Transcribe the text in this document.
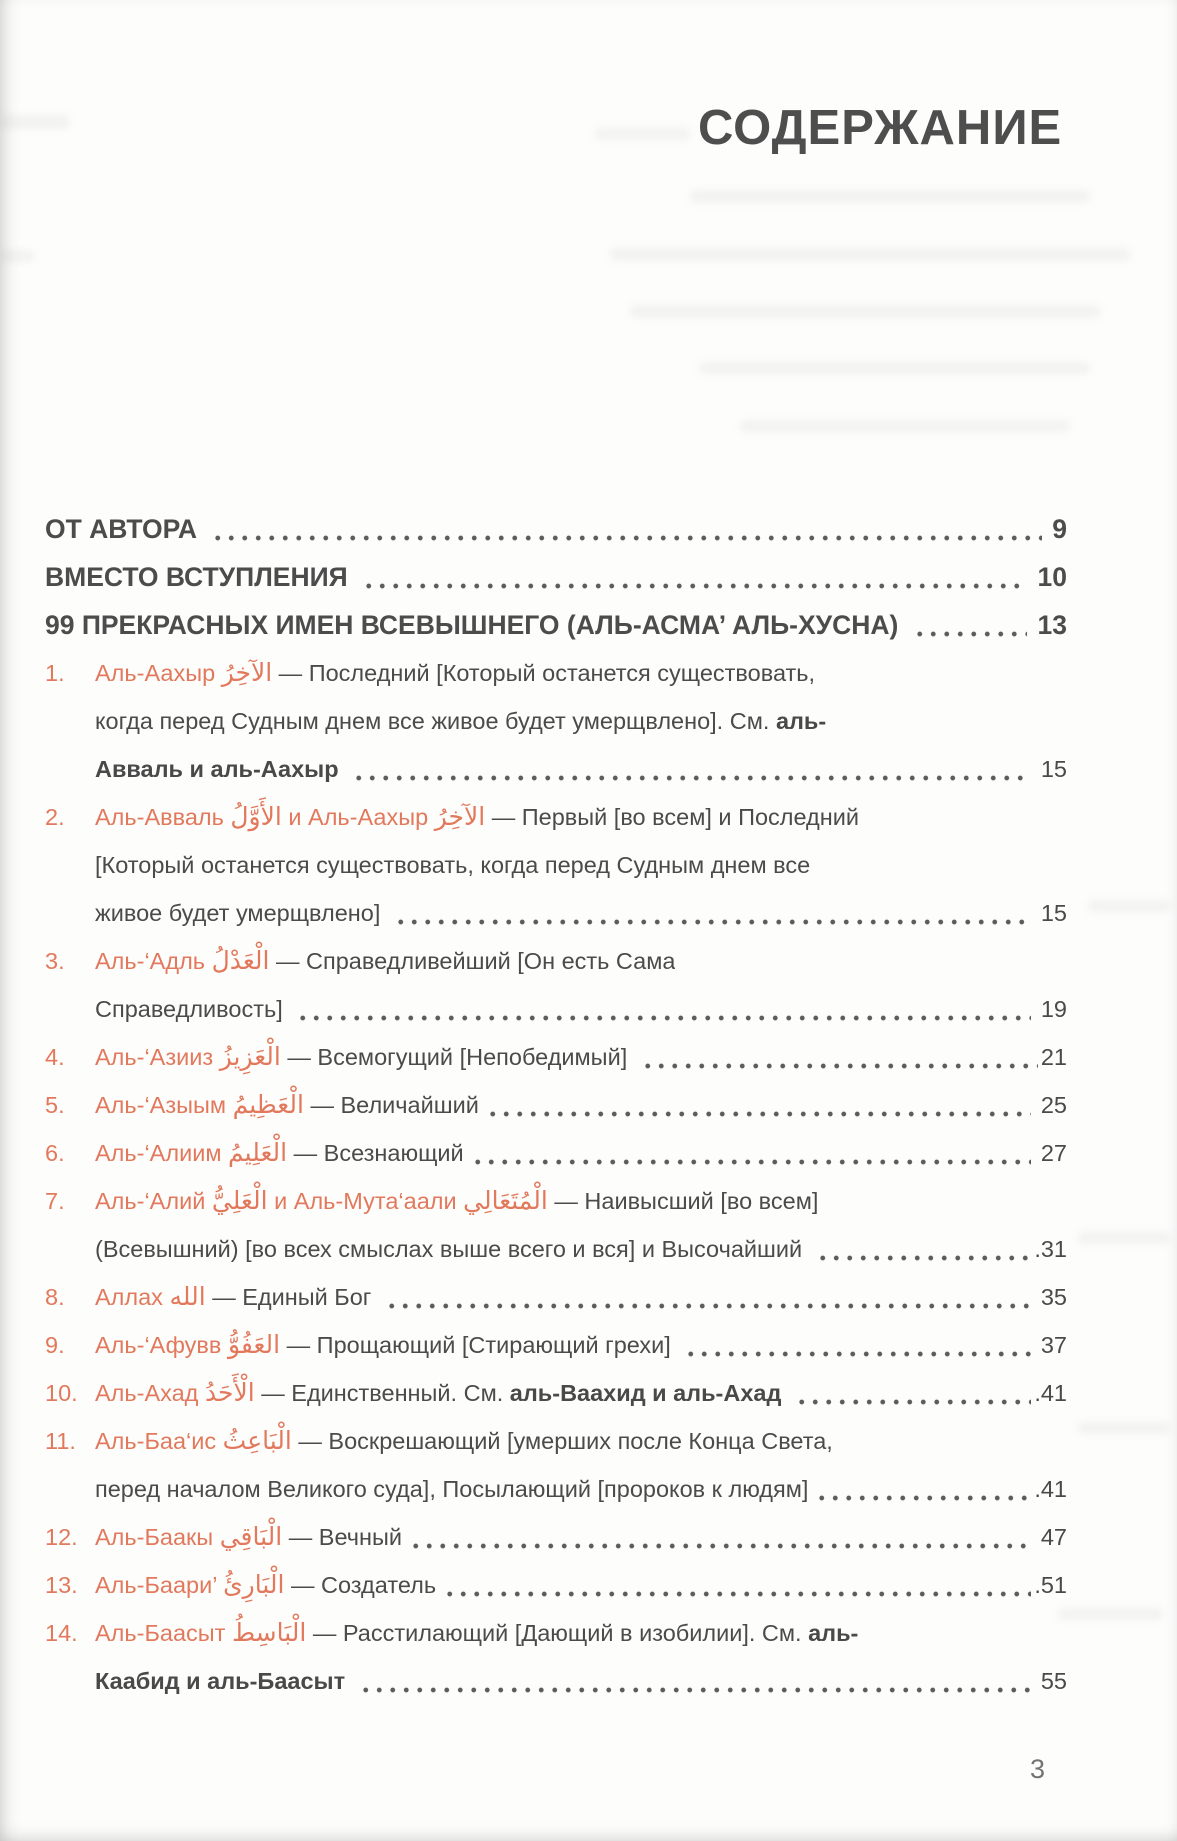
СОДЕРЖАНИЕ
ОТ АВТОРА	9
ВМЕСТО ВСТУПЛЕНИЯ	10
99 ПРЕКРАСНЫХ ИМЕН ВСЕВЫШНЕГО (АЛЬ-АСМА’ АЛЬ-ХУСНА)	13
1.	Аль-Аахыр الآخِرُ — Последний [Который останется существовать,
когда перед Судным днем все живое будет умерщвлено]. См. аль-
Авваль и аль-Аахыр	15
2.	Аль-Авваль الأَوَّلُ и Аль-Аахыр الآخِرُ — Первый [во всем] и Последний
[Который останется существовать, когда перед Судным днем все
живое будет умерщвлено]	15
3.	Аль-‘Адль الْعَدْلُ — Справедливейший [Он есть Сама
Справедливость]	19
4.	Аль-‘Азииз الْعَزِيزُ — Всемогущий [Непобедимый]	21
5.	Аль-‘Азыым الْعَظِيمُ — Величайший	25
6.	Аль-‘Алиим الْعَلِيمُ — Всезнающий	27
7.	Аль-‘Алий الْعَلِيُّ и Аль-Мута‘аали الْمُتَعَالِي — Наивысший [во всем]
(Всевышний) [во всех смыслах выше всего и вся] и Высочайший	.31
8.	Аллах الله — Единый Бог	35
9.	Аль-‘Афувв العَفُوُّ — Прощающий [Стирающий грехи]	37
10. Аль-Ахад الْأَحَدُ — Единственный. См. аль-Ваахид и аль-Ахад	.41
11. Аль-Баа‘ис الْبَاعِثُ — Воскрешающий [умерших после Конца Света,
перед началом Великого суда], Посылающий [пророков к людям]	.41
12. Аль-Баакы الْبَاقِي — Вечный	47
13. Аль-Баари’ الْبَارِئُ — Создатель	.51
14. Аль-Баасыт الْبَاسِطُ — Расстилающий [Дающий в изобилии]. См. аль-
Каабид и аль-Баасыт	55
3
